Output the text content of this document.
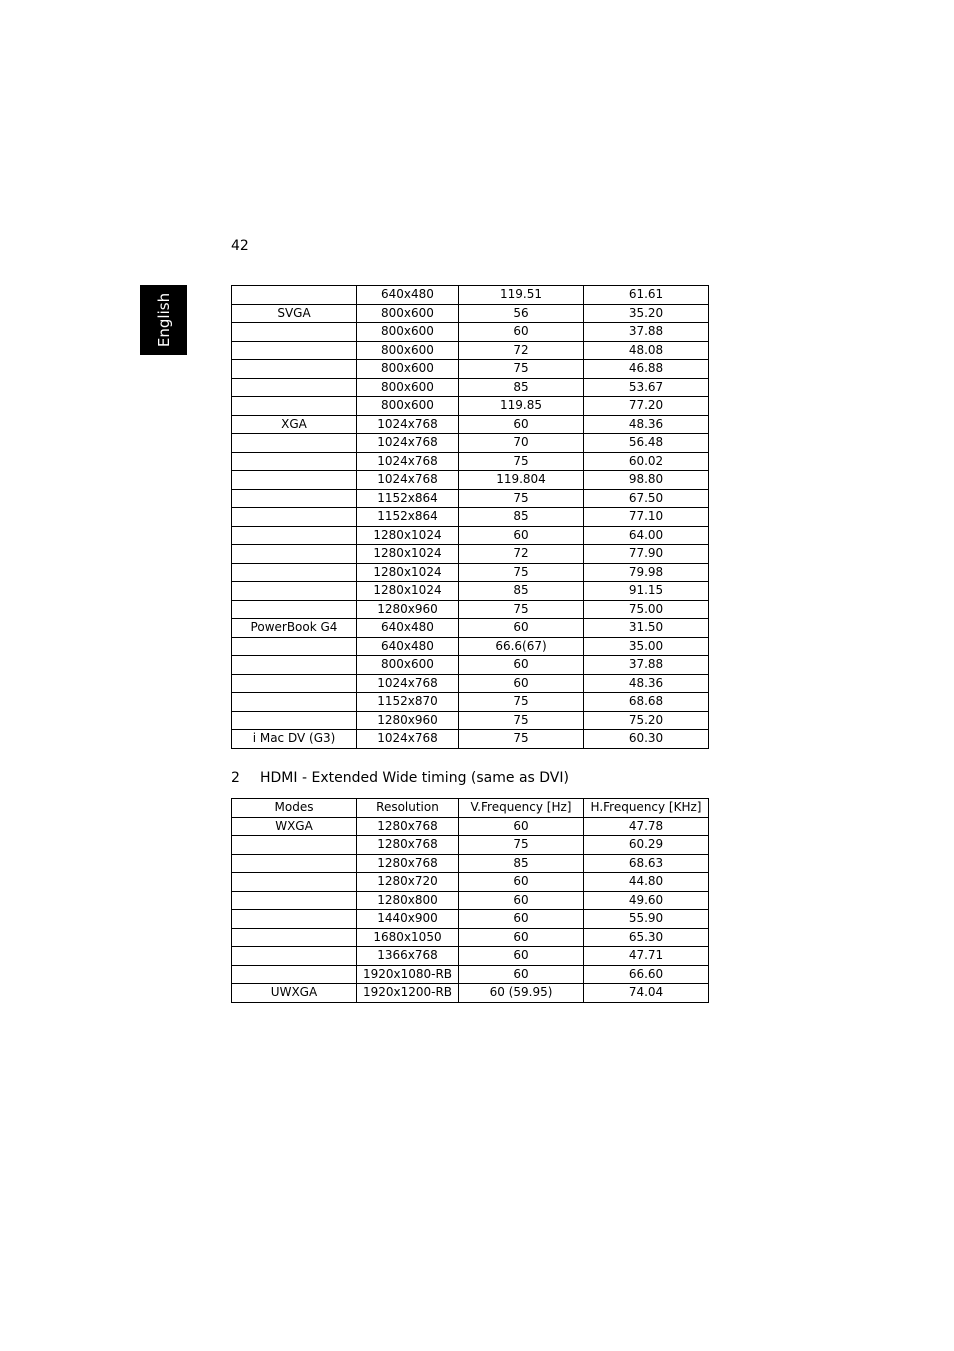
42
English
		640x480	119.51	61.61
SVGA	800x600	56	35.20
	800x600	60	37.88
	800x600	72	48.08
	800x600	75	46.88
	800x600	85	53.67
	800x600	119.85	77.20
XGA	1024x768	60	48.36
	1024x768	70	56.48
	1024x768	75	60.02
	1024x768	119.804	98.80
	1152x864	75	67.50
	1152x864	85	77.10
	1280x1024	60	64.00
	1280x1024	72	77.90
	1280x1024	75	79.98
	1280x1024	85	91.15
	1280x960	75	75.00
PowerBook G4	640x480	60	31.50
	640x480	66.6(67)	35.00
	800x600	60	37.88
	1024x768	60	48.36
	1152x870	75	68.68
	1280x960	75	75.20
i Mac DV (G3)	1024x768	75	60.30
2 HDMI - Extended Wide timing (same as DVI)
Modes	Resolution	V.Frequency [Hz]	H.Frequency [KHz]
WXGA	1280x768	60	47.78
	1280x768	75	60.29
	1280x768	85	68.63
	1280x720	60	44.80
	1280x800	60	49.60
	1440x900	60	55.90
	1680x1050	60	65.30
	1366x768	60	47.71
	1920x1080-RB	60	66.60
UWXGA	1920x1200-RB	60 (59.95)	74.04
